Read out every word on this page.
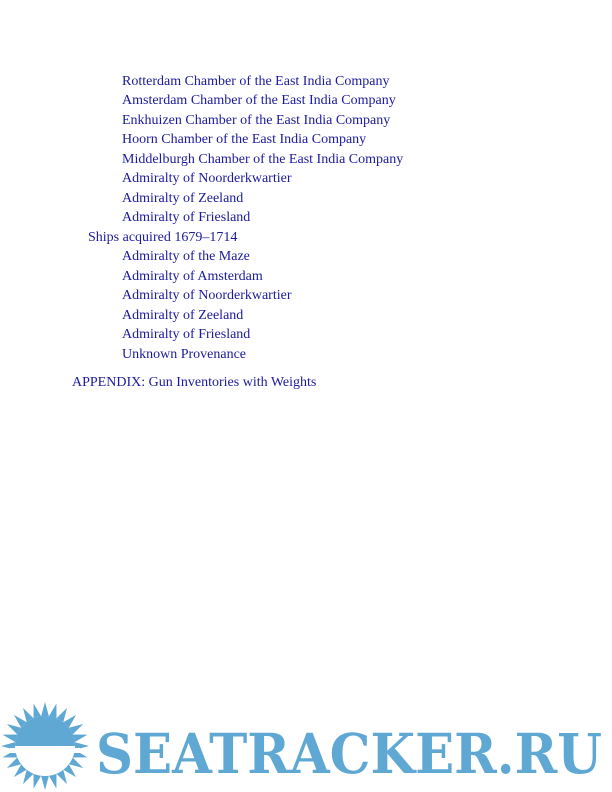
Rotterdam Chamber of the East India Company
Amsterdam Chamber of the East India Company
Enkhuizen Chamber of the East India Company
Hoorn Chamber of the East India Company
Middelburgh Chamber of the East India Company
Admiralty of Noorderkwartier
Admiralty of Zeeland
Admiralty of Friesland
Ships acquired 1679–1714
Admiralty of the Maze
Admiralty of Amsterdam
Admiralty of Noorderkwartier
Admiralty of Zeeland
Admiralty of Friesland
Unknown Provenance
APPENDIX: Gun Inventories with Weights
SEATRACKER.RU
